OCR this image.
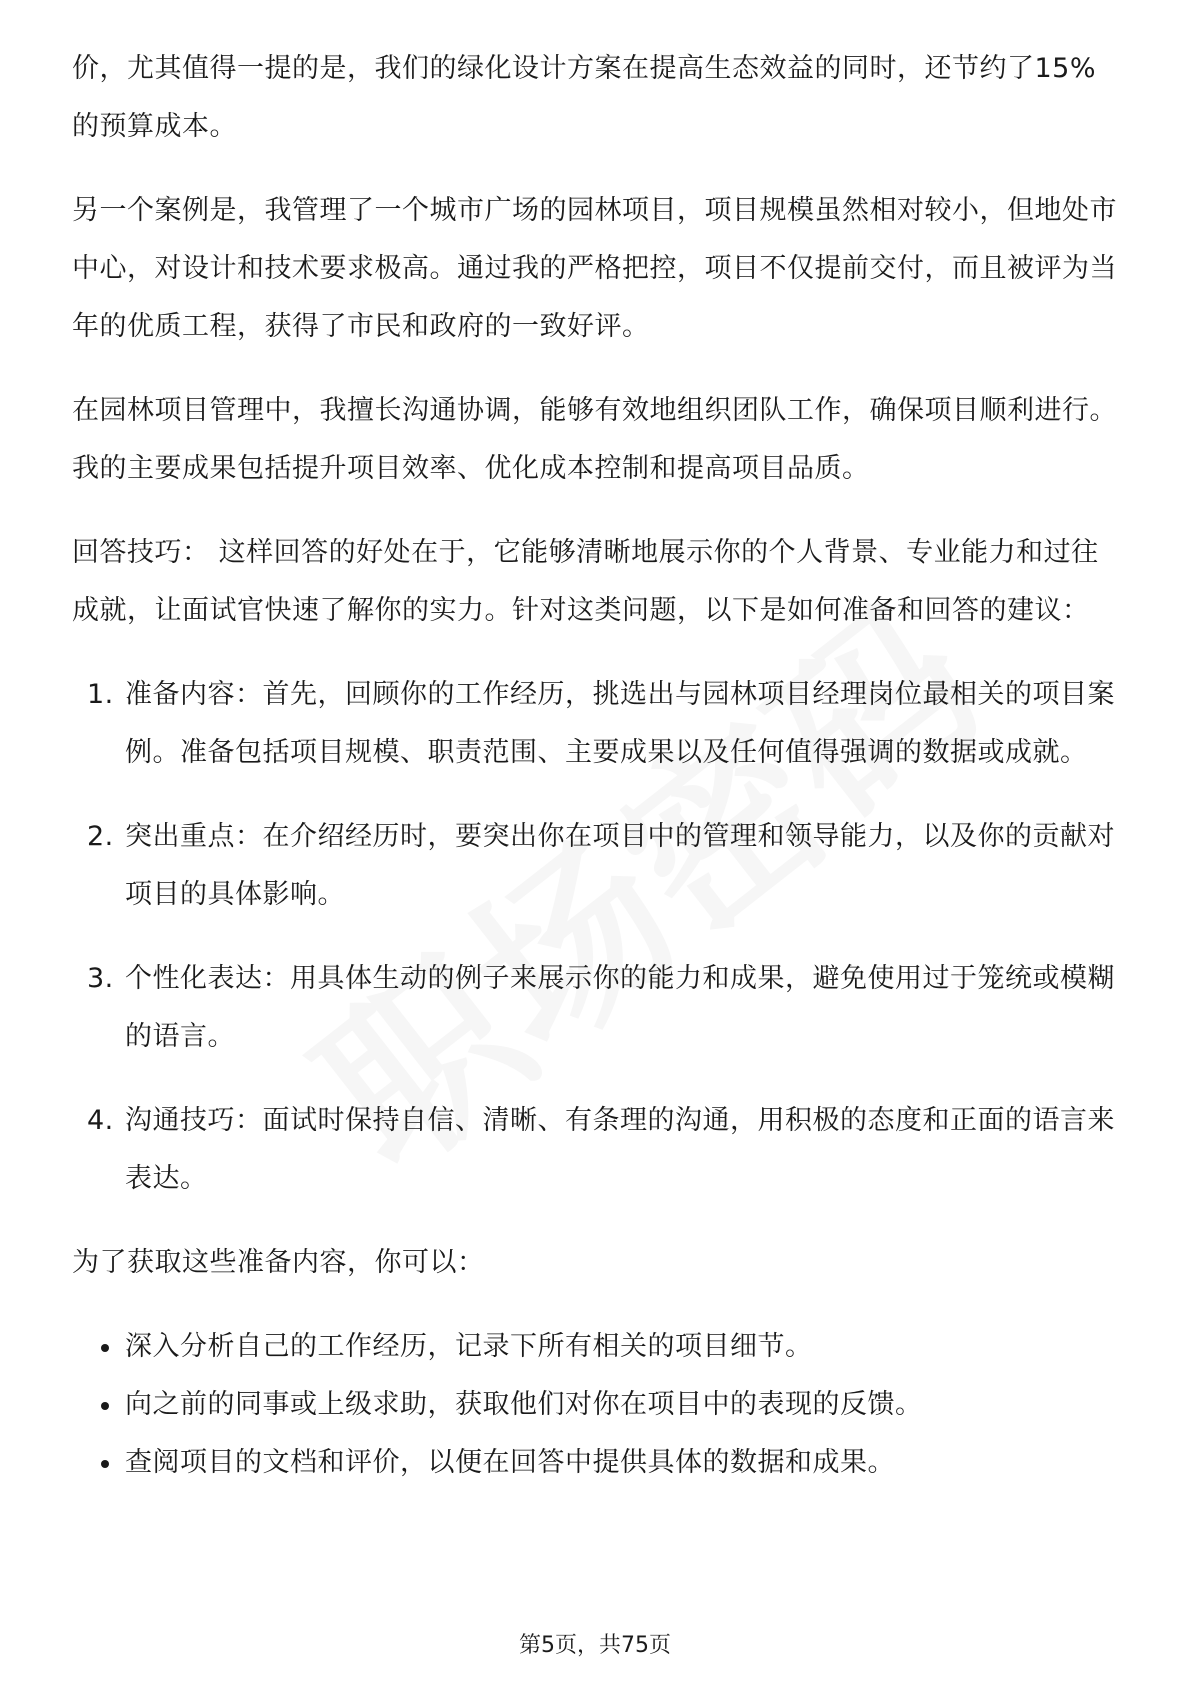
价，尤其值得一提的是，我们的绿化设计方案在提高生态效益的同时，还节约了15%的预算成本。

另一个案例是，我管理了一个城市广场的园林项目，项目规模虽然相对较小，但地处市中心，对设计和技术要求极高。通过我的严格把控，项目不仅提前交付，而且被评为当年的优质工程，获得了市民和政府的一致好评。

在园林项目管理中，我擅长沟通协调，能够有效地组织团队工作，确保项目顺利进行。我的主要成果包括提升项目效率、优化成本控制和提高项目品质。

回答技巧： 这样回答的好处在于，它能够清晰地展示你的个人背景、专业能力和过往成就，让面试官快速了解你的实力。针对这类问题，以下是如何准备和回答的建议：

1. 准备内容：首先，回顾你的工作经历，挑选出与园林项目经理岗位最相关的项目案例。准备包括项目规模、职责范围、主要成果以及任何值得强调的数据或成就。
2. 突出重点：在介绍经历时，要突出你在项目中的管理和领导能力，以及你的贡献对项目的具体影响。
3. 个性化表达：用具体生动的例子来展示你的能力和成果，避免使用过于笼统或模糊的语言。
4. 沟通技巧：面试时保持自信、清晰、有条理的沟通，用积极的态度和正面的语言来表达。

为了获取这些准备内容，你可以：

深入分析自己的工作经历，记录下所有相关的项目细节。
向之前的同事或上级求助，获取他们对你在项目中的表现的反馈。
查阅项目的文档和评价，以便在回答中提供具体的数据和成果。
第5页，共75页
